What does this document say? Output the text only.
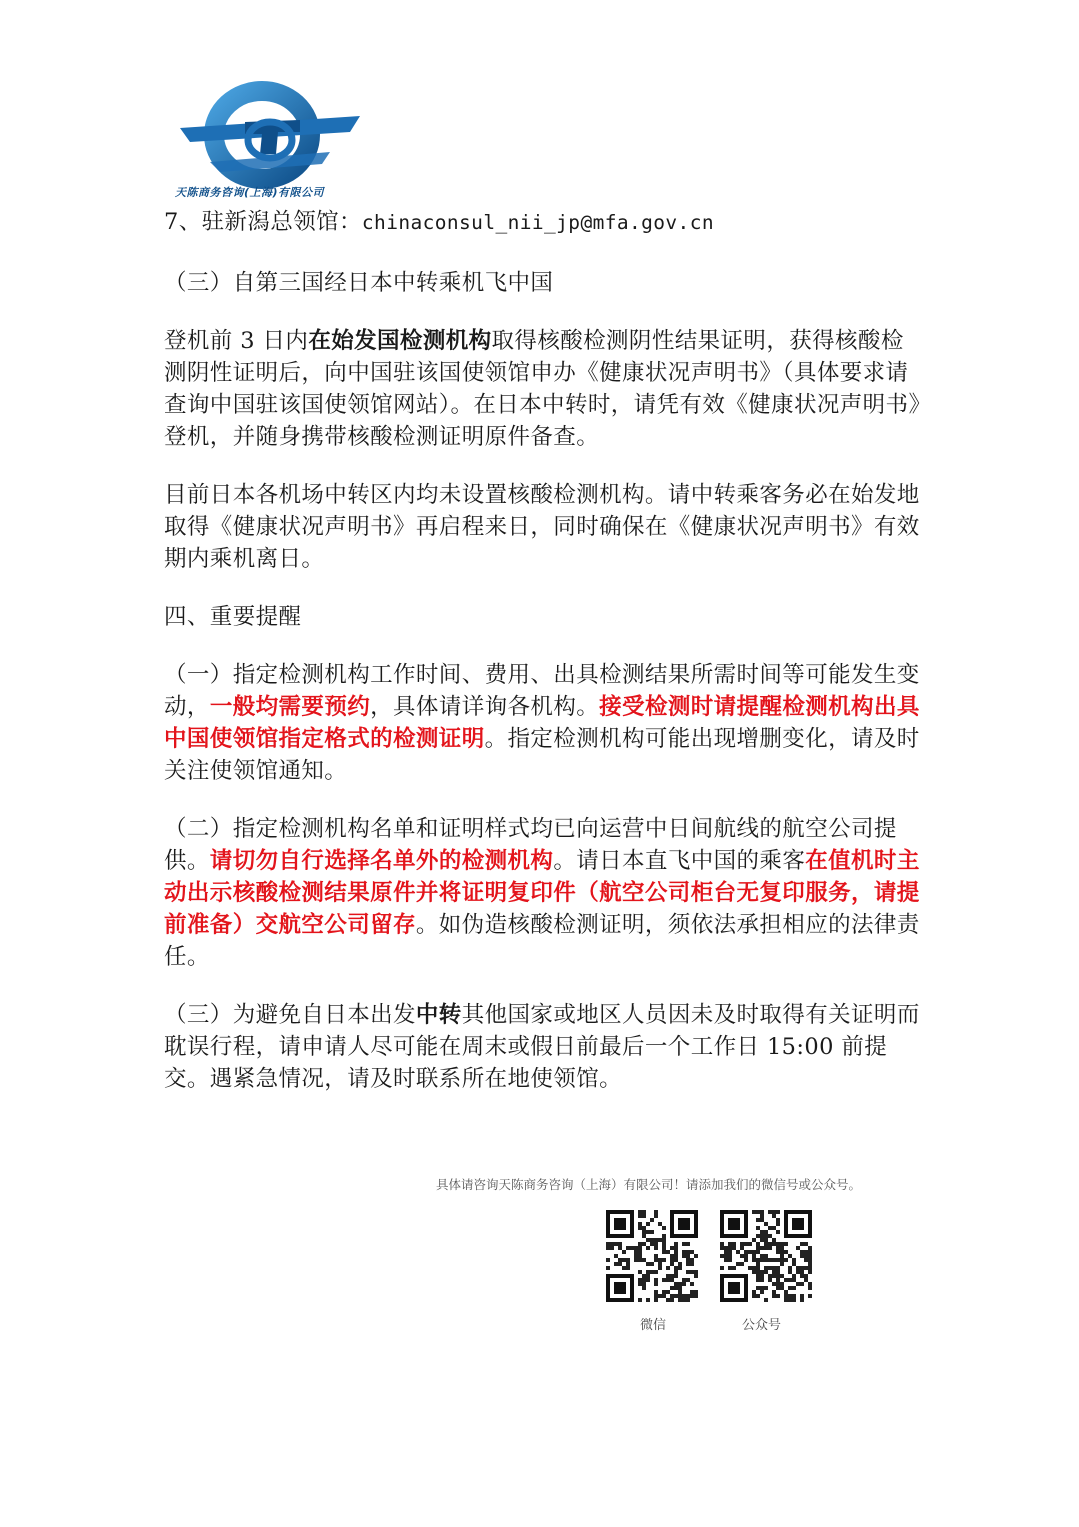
天陈商务咨询(上海)有限公司

7、驻新潟总领馆：chinaconsul_nii_jp@mfa.gov.cn

（三）自第三国经日本中转乘机飞中国

登机前 3 日内在始发国检测机构取得核酸检测阴性结果证明，获得核酸检测阴性证明后，向中国驻该国使领馆申办《健康状况声明书》（具体要求请查询中国驻该国使领馆网站）。在日本中转时，请凭有效《健康状况声明书》登机，并随身携带核酸检测证明原件备查。

目前日本各机场中转区内均未设置核酸检测机构。请中转乘客务必在始发地取得《健康状况声明书》再启程来日，同时确保在《健康状况声明书》有效期内乘机离日。

四、重要提醒

（一）指定检测机构工作时间、费用、出具检测结果所需时间等可能发生变动，一般均需要预约，具体请详询各机构。接受检测时请提醒检测机构出具中国使领馆指定格式的检测证明。指定检测机构可能出现增删变化，请及时关注使领馆通知。

（二）指定检测机构名单和证明样式均已向运营中日间航线的航空公司提供。请切勿自行选择名单外的检测机构。请日本直飞中国的乘客在值机时主动出示核酸检测结果原件并将证明复印件（航空公司柜台无复印服务，请提前准备）交航空公司留存。如伪造核酸检测证明，须依法承担相应的法律责任。

（三）为避免自日本出发中转其他国家或地区人员因未及时取得有关证明而耽误行程，请申请人尽可能在周末或假日前最后一个工作日 15:00 前提交。遇紧急情况，请及时联系所在地使领馆。

具体请咨询天陈商务咨询（上海）有限公司！请添加我们的微信号或公众号。
微信	公众号
